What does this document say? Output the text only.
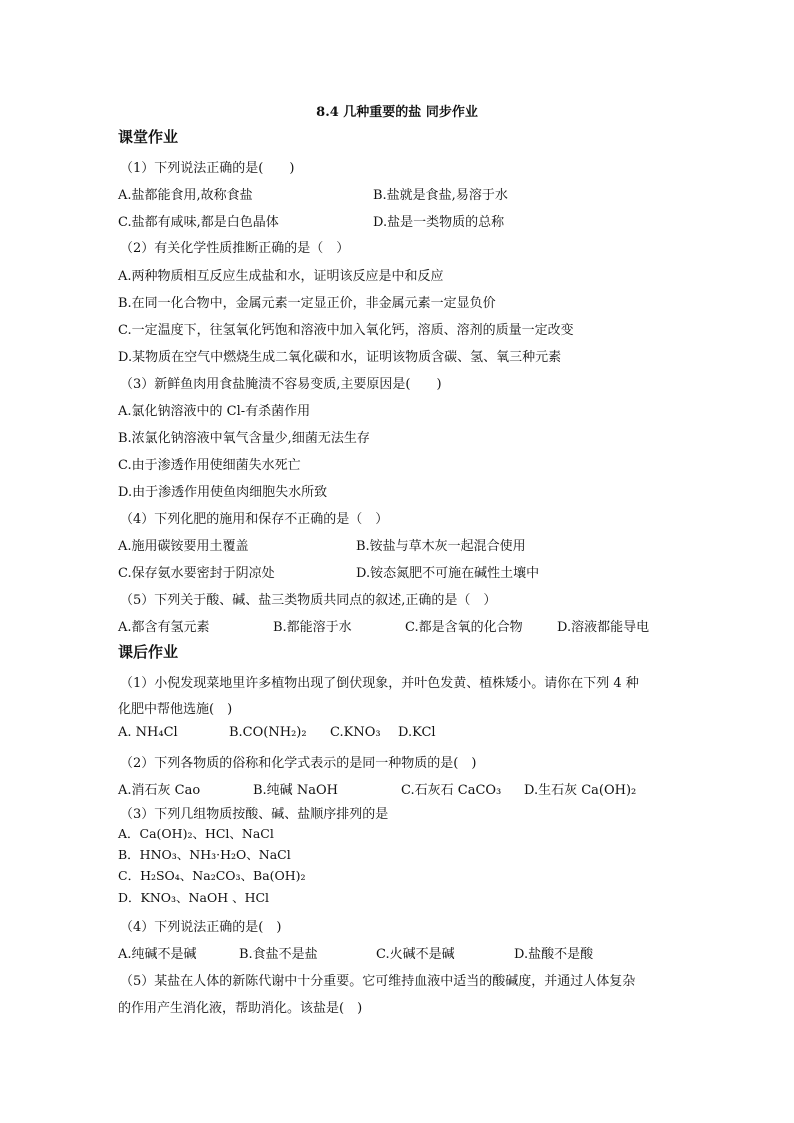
8.4 几种重要的盐 同步作业
课堂作业
（1）下列说法正确的是(　　)
A.盐都能食用,故称食盐	B.盐就是食盐,易溶于水
C.盐都有咸味,都是白色晶体	D.盐是一类物质的总称
（2）有关化学性质推断正确的是（　）
A.两种物质相互反应生成盐和水，证明该反应是中和反应
B.在同一化合物中，金属元素一定显正价，非金属元素一定显负价
C.一定温度下，往氢氧化钙饱和溶液中加入氧化钙，溶质、溶剂的质量一定改变
D.某物质在空气中燃烧生成二氧化碳和水，证明该物质含碳、氢、氧三种元素
（3）新鲜鱼肉用食盐腌渍不容易变质,主要原因是(　　)
A.氯化钠溶液中的 Cl-有杀菌作用
B.浓氯化钠溶液中氧气含量少,细菌无法生存
C.由于渗透作用使细菌失水死亡
D.由于渗透作用使鱼肉细胞失水所致
（4）下列化肥的施用和保存不正确的是（　）
A.施用碳铵要用土覆盖	B.铵盐与草木灰一起混合使用
C.保存氨水要密封于阴凉处	D.铵态氮肥不可施在碱性土壤中
（5）下列关于酸、碱、盐三类物质共同点的叙述,正确的是（　）
A.都含有氢元素	B.都能溶于水	C.都是含氧的化合物	D.溶液都能导电
课后作业
（1）小倪发现菜地里许多植物出现了倒伏现象，并叶色发黄、植株矮小。请你在下列 4 种
化肥中帮他选施(　)
A. NH₄Cl	B.CO(NH₂)₂ C.KNO₃ D.KCl
（2）下列各物质的俗称和化学式表示的是同一种物质的是(　)
A.消石灰 Cao	B.纯碱 NaOH	C.石灰石 CaCO₃ D.生石灰 Ca(OH)₂
（3）下列几组物质按酸、碱、盐顺序排列的是
A．Ca(OH)₂、HCl、NaCl
B．HNO₃、NH₃·H₂O、NaCl
C．H₂SO₄、Na₂CO₃、Ba(OH)₂
D．KNO₃、NaOH 、HCl
（4）下列说法正确的是(　)
A.纯碱不是碱	B.食盐不是盐	C.火碱不是碱	D.盐酸不是酸
（5）某盐在人体的新陈代谢中十分重要。它可维持血液中适当的酸碱度，并通过人体复杂
的作用产生消化液，帮助消化。该盐是(　)
